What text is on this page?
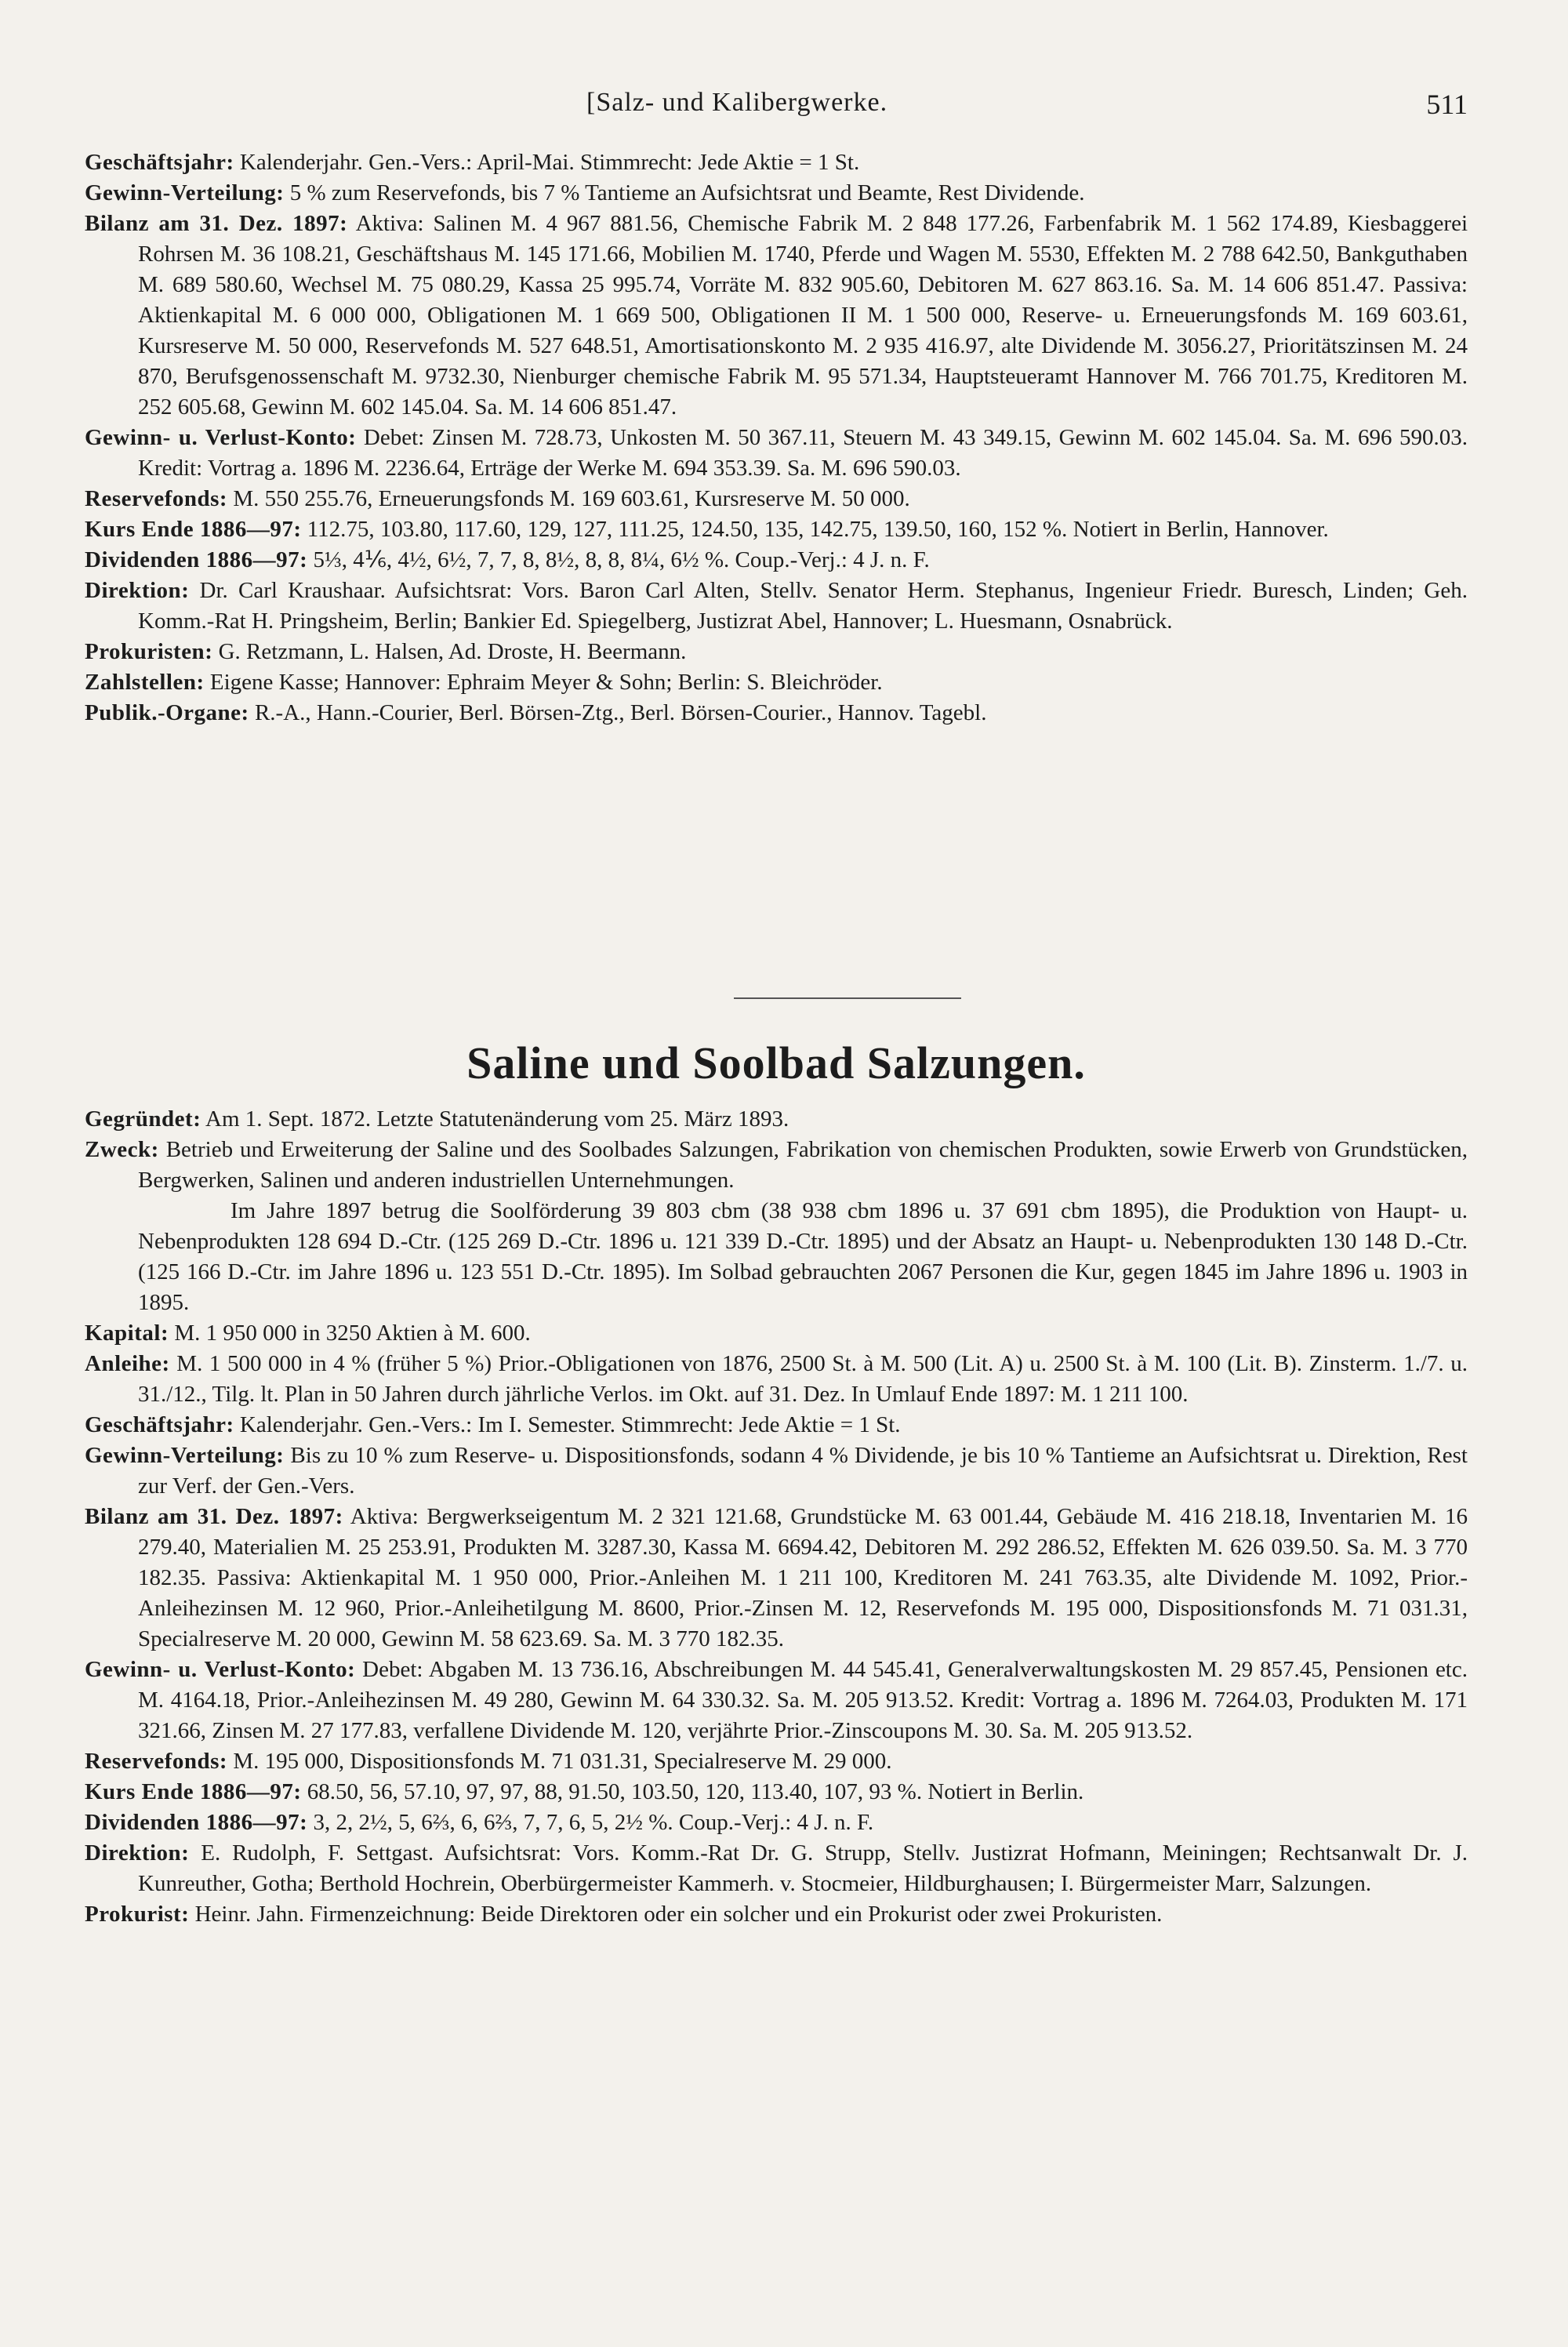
[Salz- und Kalibergwerke.	511

Geschäftsjahr: Kalenderjahr. Gen.-Vers.: April-Mai. Stimmrecht: Jede Aktie = 1 St.

Gewinn-Verteilung: 5 % zum Reservefonds, bis 7 % Tantieme an Aufsichtsrat und Beamte, Rest Dividende.

Bilanz am 31. Dez. 1897: Aktiva: Salinen M. 4 967 881.56, Chemische Fabrik M. 2 848 177.26, Farbenfabrik M. 1 562 174.89, Kiesbaggerei Rohrsen M. 36 108.21, Geschäftshaus M. 145 171.66, Mobilien M. 1740, Pferde und Wagen M. 5530, Effekten M. 2 788 642.50, Bankguthaben M. 689 580.60, Wechsel M. 75 080.29, Kassa 25 995.74, Vorräte M. 832 905.60, Debitoren M. 627 863.16. Sa. M. 14 606 851.47. Passiva: Aktienkapital M. 6 000 000, Obligationen M. 1 669 500, Obligationen II M. 1 500 000, Reserve- u. Erneuerungsfonds M. 169 603.61, Kursreserve M. 50 000, Reservefonds M. 527 648.51, Amortisationskonto M. 2 935 416.97, alte Dividende M. 3056.27, Prioritätszinsen M. 24 870, Berufsgenossenschaft M. 9732.30, Nienburger chemische Fabrik M. 95 571.34, Hauptsteueramt Hannover M. 766 701.75, Kreditoren M. 252 605.68, Gewinn M. 602 145.04. Sa. M. 14 606 851.47.

Gewinn- u. Verlust-Konto: Debet: Zinsen M. 728.73, Unkosten M. 50 367.11, Steuern M. 43 349.15, Gewinn M. 602 145.04. Sa. M. 696 590.03. Kredit: Vortrag a. 1896 M. 2236.64, Erträge der Werke M. 694 353.39. Sa. M. 696 590.03.

Reservefonds: M. 550 255.76, Erneuerungsfonds M. 169 603.61, Kursreserve M. 50 000.

Kurs Ende 1886—97: 112.75, 103.80, 117.60, 129, 127, 111.25, 124.50, 135, 142.75, 139.50, 160, 152 %. Notiert in Berlin, Hannover.

Dividenden 1886—97: 5⅓, 4⅙, 4½, 6½, 7, 7, 8, 8½, 8, 8, 8¼, 6½ %. Coup.-Verj.: 4 J. n. F.

Direktion: Dr. Carl Kraushaar. Aufsichtsrat: Vors. Baron Carl Alten, Stellv. Senator Herm. Stephanus, Ingenieur Friedr. Buresch, Linden; Geh. Komm.-Rat H. Pringsheim, Berlin; Bankier Ed. Spiegelberg, Justizrat Abel, Hannover; L. Huesmann, Osnabrück.

Prokuristen: G. Retzmann, L. Halsen, Ad. Droste, H. Beermann.

Zahlstellen: Eigene Kasse; Hannover: Ephraim Meyer & Sohn; Berlin: S. Bleichröder.

Publik.-Organe: R.-A., Hann.-Courier, Berl. Börsen-Ztg., Berl. Börsen-Courier., Hannov. Tagebl.

Saline und Soolbad Salzungen.

Gegründet: Am 1. Sept. 1872. Letzte Statutenänderung vom 25. März 1893.

Zweck: Betrieb und Erweiterung der Saline und des Soolbades Salzungen, Fabrikation von chemischen Produkten, sowie Erwerb von Grundstücken, Bergwerken, Salinen und anderen industriellen Unternehmungen.

Im Jahre 1897 betrug die Soolförderung 39 803 cbm (38 938 cbm 1896 u. 37 691 cbm 1895), die Produktion von Haupt- u. Nebenprodukten 128 694 D.-Ctr. (125 269 D.-Ctr. 1896 u. 121 339 D.-Ctr. 1895) und der Absatz an Haupt- u. Nebenprodukten 130 148 D.-Ctr. (125 166 D.-Ctr. im Jahre 1896 u. 123 551 D.-Ctr. 1895). Im Solbad gebrauchten 2067 Personen die Kur, gegen 1845 im Jahre 1896 u. 1903 in 1895.

Kapital: M. 1 950 000 in 3250 Aktien à M. 600.

Anleihe: M. 1 500 000 in 4 % (früher 5 %) Prior.-Obligationen von 1876, 2500 St. à M. 500 (Lit. A) u. 2500 St. à M. 100 (Lit. B). Zinsterm. 1./7. u. 31./12., Tilg. lt. Plan in 50 Jahren durch jährliche Verlos. im Okt. auf 31. Dez. In Umlauf Ende 1897: M. 1 211 100.

Geschäftsjahr: Kalenderjahr. Gen.-Vers.: Im I. Semester. Stimmrecht: Jede Aktie = 1 St.

Gewinn-Verteilung: Bis zu 10 % zum Reserve- u. Dispositionsfonds, sodann 4 % Dividende, je bis 10 % Tantieme an Aufsichtsrat u. Direktion, Rest zur Verf. der Gen.-Vers.

Bilanz am 31. Dez. 1897: Aktiva: Bergwerkseigentum M. 2 321 121.68, Grundstücke M. 63 001.44, Gebäude M. 416 218.18, Inventarien M. 16 279.40, Materialien M. 25 253.91, Produkten M. 3287.30, Kassa M. 6694.42, Debitoren M. 292 286.52, Effekten M. 626 039.50. Sa. M. 3 770 182.35. Passiva: Aktienkapital M. 1 950 000, Prior.-Anleihen M. 1 211 100, Kreditoren M. 241 763.35, alte Dividende M. 1092, Prior.-Anleihezinsen M. 12 960, Prior.-Anleihetilgung M. 8600, Prior.-Zinsen M. 12, Reservefonds M. 195 000, Dispositionsfonds M. 71 031.31, Specialreserve M. 20 000, Gewinn M. 58 623.69. Sa. M. 3 770 182.35.

Gewinn- u. Verlust-Konto: Debet: Abgaben M. 13 736.16, Abschreibungen M. 44 545.41, Generalverwaltungskosten M. 29 857.45, Pensionen etc. M. 4164.18, Prior.-Anleihezinsen M. 49 280, Gewinn M. 64 330.32. Sa. M. 205 913.52. Kredit: Vortrag a. 1896 M. 7264.03, Produkten M. 171 321.66, Zinsen M. 27 177.83, verfallene Dividende M. 120, verjährte Prior.-Zinscoupons M. 30. Sa. M. 205 913.52.

Reservefonds: M. 195 000, Dispositionsfonds M. 71 031.31, Specialreserve M. 29 000.

Kurs Ende 1886—97: 68.50, 56, 57.10, 97, 97, 88, 91.50, 103.50, 120, 113.40, 107, 93 %. Notiert in Berlin.

Dividenden 1886—97: 3, 2, 2½, 5, 6⅔, 6, 6⅔, 7, 7, 6, 5, 2½ %. Coup.-Verj.: 4 J. n. F.

Direktion: E. Rudolph, F. Settgast. Aufsichtsrat: Vors. Komm.-Rat Dr. G. Strupp, Stellv. Justizrat Hofmann, Meiningen; Rechtsanwalt Dr. J. Kunreuther, Gotha; Berthold Hochrein, Oberbürgermeister Kammerh. v. Stocmeier, Hildburghausen; I. Bürgermeister Marr, Salzungen.

Prokurist: Heinr. Jahn. Firmenzeichnung: Beide Direktoren oder ein solcher und ein Prokurist oder zwei Prokuristen.
